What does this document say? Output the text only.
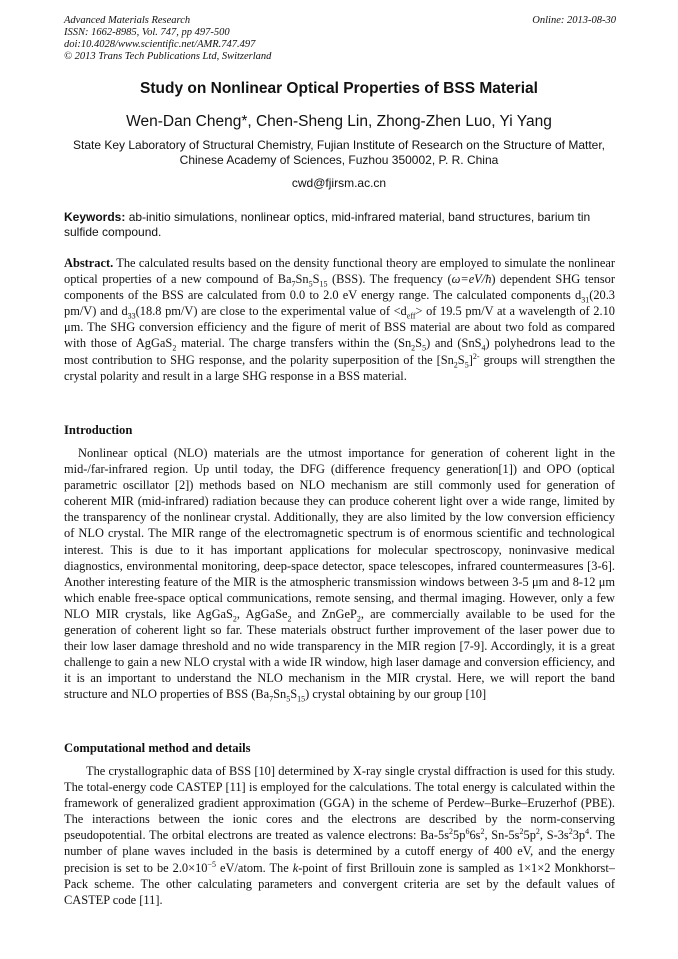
Advanced Materials Research
ISSN: 1662-8985, Vol. 747, pp 497-500
doi:10.4028/www.scientific.net/AMR.747.497
© 2013 Trans Tech Publications Ltd, Switzerland
Online: 2013-08-30
Study on Nonlinear Optical Properties of BSS Material
Wen-Dan Cheng*, Chen-Sheng Lin, Zhong-Zhen Luo, Yi Yang
State Key Laboratory of Structural Chemistry, Fujian Institute of Research on the Structure of Matter,
Chinese Academy of Sciences, Fuzhou 350002, P. R. China
cwd@fjirsm.ac.cn
Keywords: ab-initio simulations, nonlinear optics, mid-infrared material, band structures, barium tin sulfide compound.

Abstract. The calculated results based on the density functional theory are employed to simulate the nonlinear optical properties of a new compound of $Ba_7Sn_5S_{15}$ (BSS). The frequency (ω=eV/ħ) dependent SHG tensor components of the BSS are calculated from 0.0 to 2.0 eV energy range. The calculated components $d_{31}(20.3$ pm/V) and $d_{33}(18.8$ pm/V) are close to the experimental value of $<d_{eff}>$ of 19.5 pm/V at a wavelength of 2.10 μm. The SHG conversion efficiency and the figure of merit of BSS material are about two fold as compared with those of AgGaS$_2$ material. The charge transfers within the $(Sn_2S_5)$ and (SnS$_4$) polyhedrons lead to the most contribution to SHG response, and the polarity superposition of the $[Sn_2S_5]^{2-}$ groups will strengthen the crystal polarity and result in a large SHG response in a BSS material.

Introduction

Nonlinear optical (NLO) materials are the utmost importance for generation of coherent light in the mid-/far-infrared region. Up until today, the DFG (difference frequency generation[1]) and OPO (optical parametric oscillator [2]) methods based on NLO mechanism are still commonly used for generation of coherent MIR (mid-infrared) radiation because they can produce coherent light over a wide range, limited by the transparency of the nonlinear crystal. Additionally, they are also limited by the low conversion efficiency of NLO crystal. The MIR range of the electromagnetic spectrum is of enormous scientific and technological interest. This is due to it has important applications for molecular spectroscopy, noninvasive medical diagnostics, environmental monitoring, deep-space detector, space telescopes, infrared countermeasures [3-6]. Another interesting feature of the MIR is the atmospheric transmission windows between 3-5 μm and 8-12 μm which enable free-space optical communications, remote sensing, and thermal imaging. However, only a few NLO MIR crystals, like AgGaS$_2$, AgGaSe$_2$ and ZnGeP$_2$, are commercially available to be used for the generation of coherent light so far. These materials obstruct further improvement of the laser power due to their low laser damage threshold and no wide transparency in the MIR region [7-9]. Accordingly, it is a great challenge to gain a new NLO crystal with a wide IR window, high laser damage and conversion efficiency, and it is an important to understand the NLO mechanism in the MIR crystal. Here, we will report the band structure and NLO properties of BSS $(Ba_7Sn_5S_{15})$ crystal obtaining by our group [10]

Computational method and details

The crystallographic data of BSS [10] determined by X-ray single crystal diffraction is used for this study. The total-energy code CASTEP [11] is employed for the calculations. The total energy is calculated within the framework of generalized gradient approximation (GGA) in the scheme of Perdew–Burke–Eruzerhof (PBE). The interactions between the ionic cores and the electrons are described by the norm-conserving pseudopotential. The orbital electrons are treated as valence electrons: $Ba-5s^25p^66s^2$, $Sn-5s^25p^2$, $S-3s^23p^4$. The number of plane waves included in the basis is determined by a cutoff energy of 400 eV, and the energy precision is set to be $2.0\times 10^{-5}$ eV/atom. The k-point of first Brillouin zone is sampled as 1×1×2 Monkhorst–Pack scheme. The other calculating parameters and convergent criteria are set by the default values of CASTEP code [11].
